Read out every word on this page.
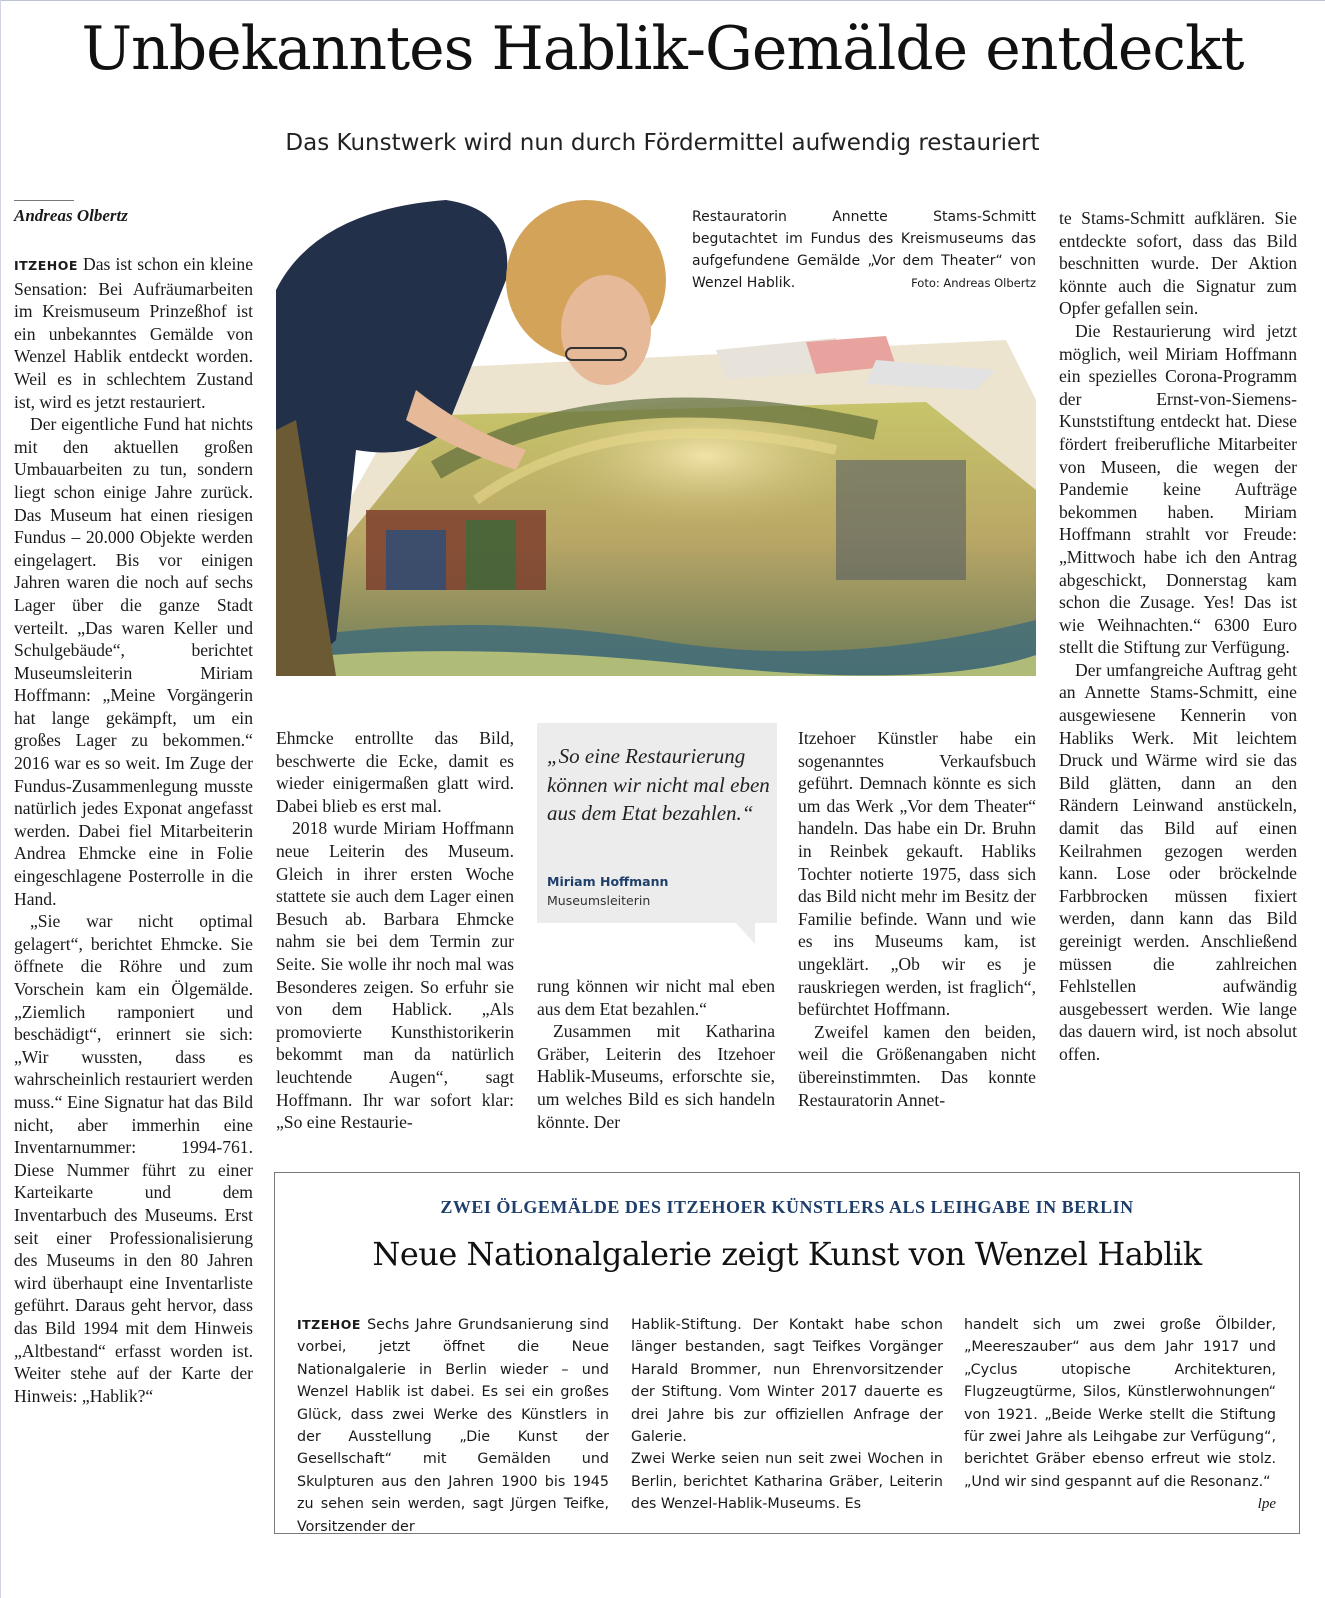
Unbekanntes Hablik-Gemälde entdeckt
Das Kunstwerk wird nun durch Fördermittel aufwendig restauriert
Andreas Olbertz

ITZEHOE Das ist schon ein kleine Sensation: Bei Aufräumarbeiten im Kreismuseum Prinzeßhof ist ein unbekanntes Gemälde von Wenzel Hablik entdeckt worden. Weil es in schlechtem Zustand ist, wird es jetzt restauriert.

Der eigentliche Fund hat nichts mit den aktuellen großen Umbauarbeiten zu tun, sondern liegt schon einige Jahre zurück. Das Museum hat einen riesigen Fundus – 20.000 Objekte werden eingelagert. Bis vor einigen Jahren waren die noch auf sechs Lager über die ganze Stadt verteilt. „Das waren Keller und Schulgebäude“, berichtet Museumsleiterin Miriam Hoffmann: „Meine Vorgängerin hat lange gekämpft, um ein großes Lager zu bekommen.“ 2016 war es so weit. Im Zuge der Fundus-Zusammenlegung musste natürlich jedes Exponat angefasst werden. Dabei fiel Mitarbeiterin Andrea Ehmcke eine in Folie eingeschlagene Posterrolle in die Hand.

„Sie war nicht optimal gelagert“, berichtet Ehmcke. Sie öffnete die Röhre und zum Vorschein kam ein Ölgemälde. „Ziemlich ramponiert und beschädigt“, erinnert sie sich: „Wir wussten, dass es wahrscheinlich restauriert werden muss.“ Eine Signatur hat das Bild nicht, aber immerhin eine Inventarnummer: 1994-761. Diese Nummer führt zu einer Karteikarte und dem Inventarbuch des Museums. Erst seit einer Professionalisierung des Museums in den 80 Jahren wird überhaupt eine Inventarliste geführt. Daraus geht hervor, dass das Bild 1994 mit dem Hinweis „Altbestand“ erfasst worden ist. Weiter stehe auf der Karte der Hinweis: „Hablik?“

Restauratorin Annette Stams-Schmitt begutachtet im Fundus des Kreismuseums das aufgefundene Gemälde „Vor dem Theater“ von Wenzel Hablik.	Foto: Andreas Olbertz

Ehmcke entrollte das Bild, beschwerte die Ecke, damit es wieder einigermaßen glatt wird. Dabei blieb es erst mal.

2018 wurde Miriam Hoffmann neue Leiterin des Museum. Gleich in ihrer ersten Woche stattete sie auch dem Lager einen Besuch ab. Barbara Ehmcke nahm sie bei dem Termin zur Seite. Sie wolle ihr noch mal was Besonderes zeigen. So erfuhr sie von dem Hablick. „Als promovierte Kunsthistorikerin bekommt man da natürlich leuchtende Augen“, sagt Hoffmann. Ihr war sofort klar: „So eine Restaurie-

„So eine Restaurierung können wir nicht mal eben aus dem Etat bezahlen.“
Miriam Hoffmann
Museumsleiterin

rung können wir nicht mal eben aus dem Etat bezahlen.“

Zusammen mit Katharina Gräber, Leiterin des Itzehoer Hablik-Museums, erforschte sie, um welches Bild es sich handeln könnte. Der

Itzehoer Künstler habe ein sogenanntes Verkaufsbuch geführt. Demnach könnte es sich um das Werk „Vor dem Theater“ handeln. Das habe ein Dr. Bruhn in Reinbek gekauft. Habliks Tochter notierte 1975, dass sich das Bild nicht mehr im Besitz der Familie befinde. Wann und wie es ins Museums kam, ist ungeklärt. „Ob wir es je rauskriegen werden, ist fraglich“, befürchtet Hoffmann.

Zweifel kamen den beiden, weil die Größenangaben nicht übereinstimmten. Das konnte Restauratorin Annet-

te Stams-Schmitt aufklären. Sie entdeckte sofort, dass das Bild beschnitten wurde. Der Aktion könnte auch die Signatur zum Opfer gefallen sein.

Die Restaurierung wird jetzt möglich, weil Miriam Hoffmann ein spezielles Corona-Programm der Ernst-von-Siemens-Kunststiftung entdeckt hat. Diese fördert freiberufliche Mitarbeiter von Museen, die wegen der Pandemie keine Aufträge bekommen haben. Miriam Hoffmann strahlt vor Freude: „Mittwoch habe ich den Antrag abgeschickt, Donnerstag kam schon die Zusage. Yes! Das ist wie Weihnachten.“ 6300 Euro stellt die Stiftung zur Verfügung.

Der umfangreiche Auftrag geht an Annette Stams-Schmitt, eine ausgewiesene Kennerin von Habliks Werk. Mit leichtem Druck und Wärme wird sie das Bild glätten, dann an den Rändern Leinwand anstückeln, damit das Bild auf einen Keilrahmen gezogen werden kann. Lose oder bröckelnde Farbbrocken müssen fixiert werden, dann kann das Bild gereinigt werden. Anschließend müssen die zahlreichen Fehlstellen aufwändig ausgebessert werden. Wie lange das dauern wird, ist noch absolut offen.

ZWEI ÖLGEMÄLDE DES ITZEHOER KÜNSTLERS ALS LEIHGABE IN BERLIN
Neue Nationalgalerie zeigt Kunst von Wenzel Hablik

ITZEHOE Sechs Jahre Grundsanierung sind vorbei, jetzt öffnet die Neue Nationalgalerie in Berlin wieder – und Wenzel Hablik ist dabei. Es sei ein großes Glück, dass zwei Werke des Künstlers in der Ausstellung „Die Kunst der Gesellschaft“ mit Gemälden und Skulpturen aus den Jahren 1900 bis 1945 zu sehen sein werden, sagt Jürgen Teifke, Vorsitzender der

Hablik-Stiftung. Der Kontakt habe schon länger bestanden, sagt Teifkes Vorgänger Harald Brommer, nun Ehrenvorsitzender der Stiftung. Vom Winter 2017 dauerte es drei Jahre bis zur offiziellen Anfrage der Galerie.

Zwei Werke seien nun seit zwei Wochen in Berlin, berichtet Katharina Gräber, Leiterin des Wenzel-Hablik-Museums. Es

handelt sich um zwei große Ölbilder, „Meereszauber“ aus dem Jahr 1917 und „Cyclus utopische Architekturen, Flugzeugtürme, Silos, Künstlerwohnungen“ von 1921. „Beide Werke stellt die Stiftung für zwei Jahre als Leihgabe zur Verfügung“, berichtet Gräber ebenso erfreut wie stolz. „Und wir sind gespannt auf die Resonanz.“
lpe
